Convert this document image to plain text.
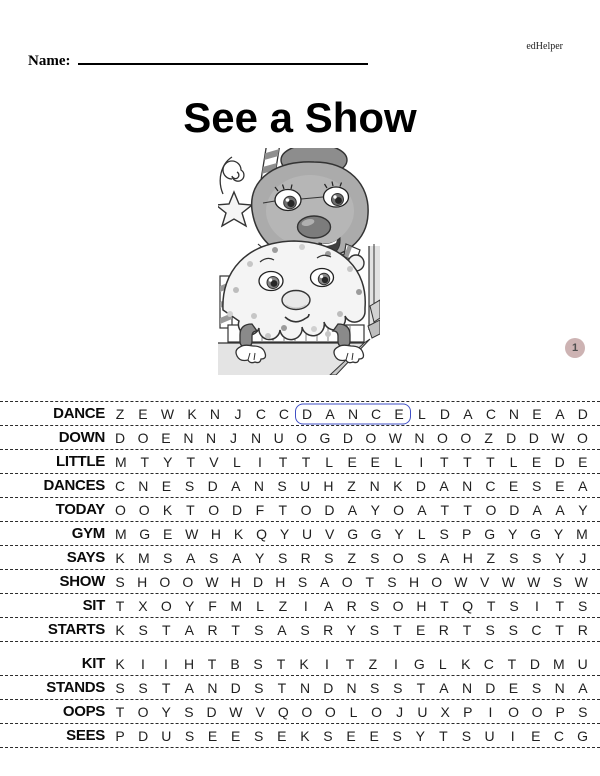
edHelper
Name:
See a Show
1
DANCE Z E W K N J C C D A N C E L D A C N E A D
DOWN D O E N N J N U O G D O W N O O Z D D W O
LITTLE M T Y T V L I T T L E E L I T T T L E D E
DANCES C N E S D A N S U H Z N K D A N C E S E A
TODAY O O K T O D F T O D A Y O A T T O D A A Y
GYM M G E W H K Q Y U V G G Y L S P G Y G Y M
SAYS K M S A S A Y S R S Z S O S A H Z S S Y J
SHOW S H O O W H D H S A O T S H O W V W W S W
SIT T X O Y F M L Z I A R S O H T Q T S I T S
STARTS K S T A R T S A S R Y S T E R T S S C T R
KIT K I I H T B S T K I T Z I G L K C T D M U
STANDS S S T A N D S T N D N S S T A N D E S N A
OOPS T O Y S D W V Q O O L O J U X P I O O P S
SEES P D U S E E S E K S E E S Y T S U I E C G
